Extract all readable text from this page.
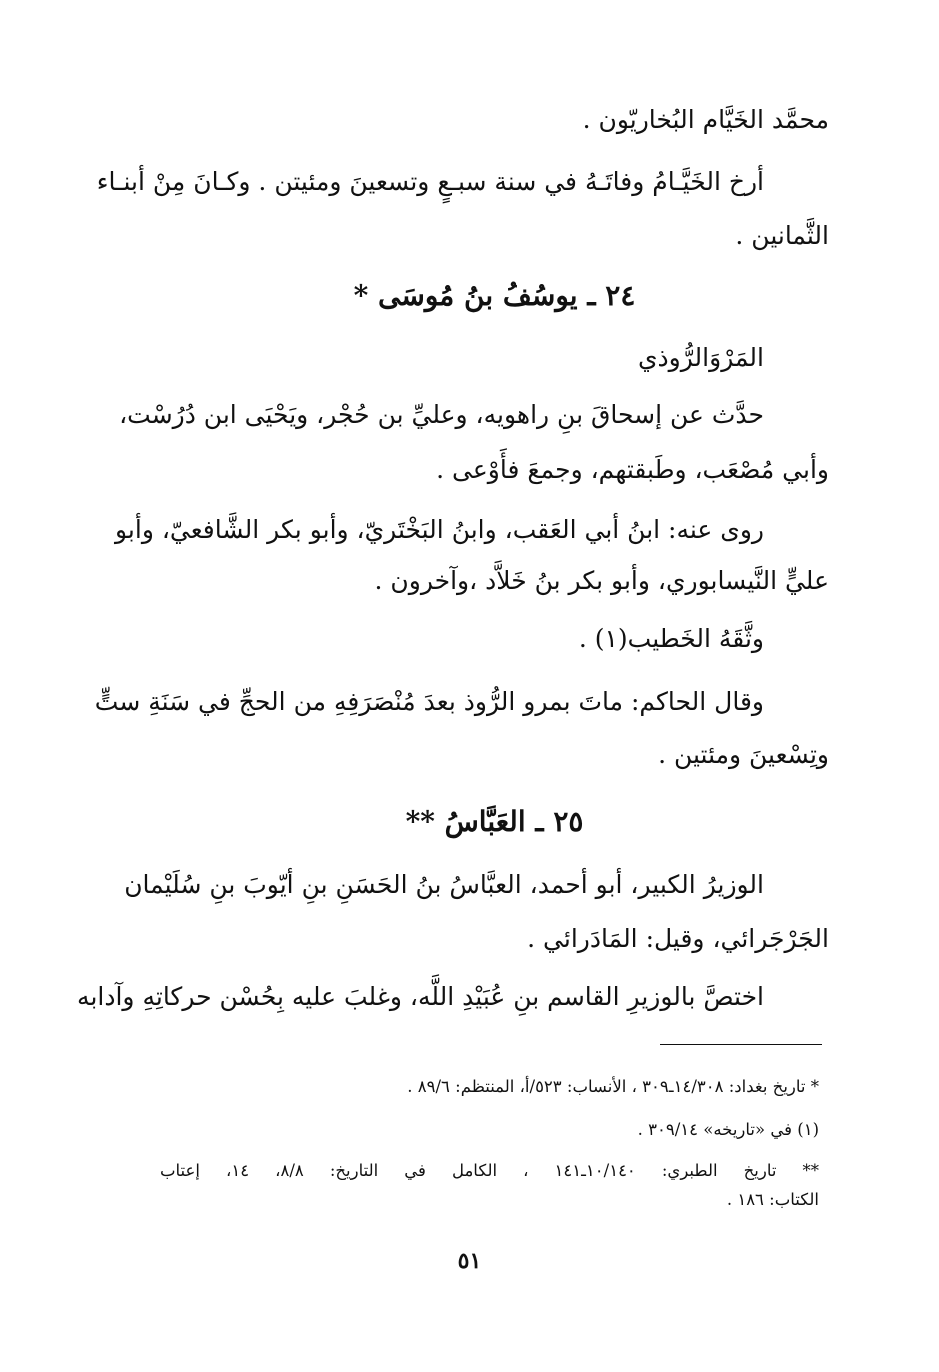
محمَّد الخَيَّام البُخاريّون .
أرخ الخَيَّـامُ وفاتَـهُ في سنة سبـعٍ وتسعينَ ومئيتن . وكـانَ مِنْ أبنـاء
الثَّمانين .
٢٤ ـ يوسُفُ بنُ مُوسَى *
المَرْوَالرُّوذي
حدَّث عن إسحاقَ بنِ راهويه، وعليِّ بن حُجْر، ويَحْيَى ابن دُرُسْت،
وأبي مُصْعَب، وطَبقتهم، وجمعَ فأَوْعى .
روى عنه: ابنُ أبي العَقب، وابنُ البَخْتَريّ، وأبو بكر الشَّافعيّ، وأبو
عليٍّ النَّيسابوري، وأبو بكر بنُ خَلاَّد ،وآخرون .
وثَّقَهُ الخَطيب(١) .
وقال الحاكم: ماتَ بمرو الرُّوذ بعدَ مُنْصَرَفِهِ من الحجِّ في سَنَةِ ستٍّ
وتِسْعينَ ومئتين .
٢٥ ـ العَبَّاسُ **
الوزيرُ الكبير، أبو أحمد، العبَّاسُ بنُ الحَسَنِ بنِ أيّوبَ بنِ سُلَيْمان
الجَرْجَرائي، وقيل: المَادَرائي .
اختصَّ بالوزيرِ القاسم بنِ عُبَيْدِ اللَّه، وغلبَ عليه بِحُسْن حركاتِهِ وآدابه
* تاريخ بغداد: ١٤/٣٠٨ـ٣٠٩ ، الأنساب: ٥٢٣/أ، المنتظم: ٨٩/٦ .
(١) في «تاريخه» ٣٠٩/١٤ .
** تاريخ الطبري: ١٠/١٤٠ـ١٤١ ، الكامل في التاريخ: ٨/٨، ١٤، إعتاب
الكتاب: ١٨٦ .
٥١
